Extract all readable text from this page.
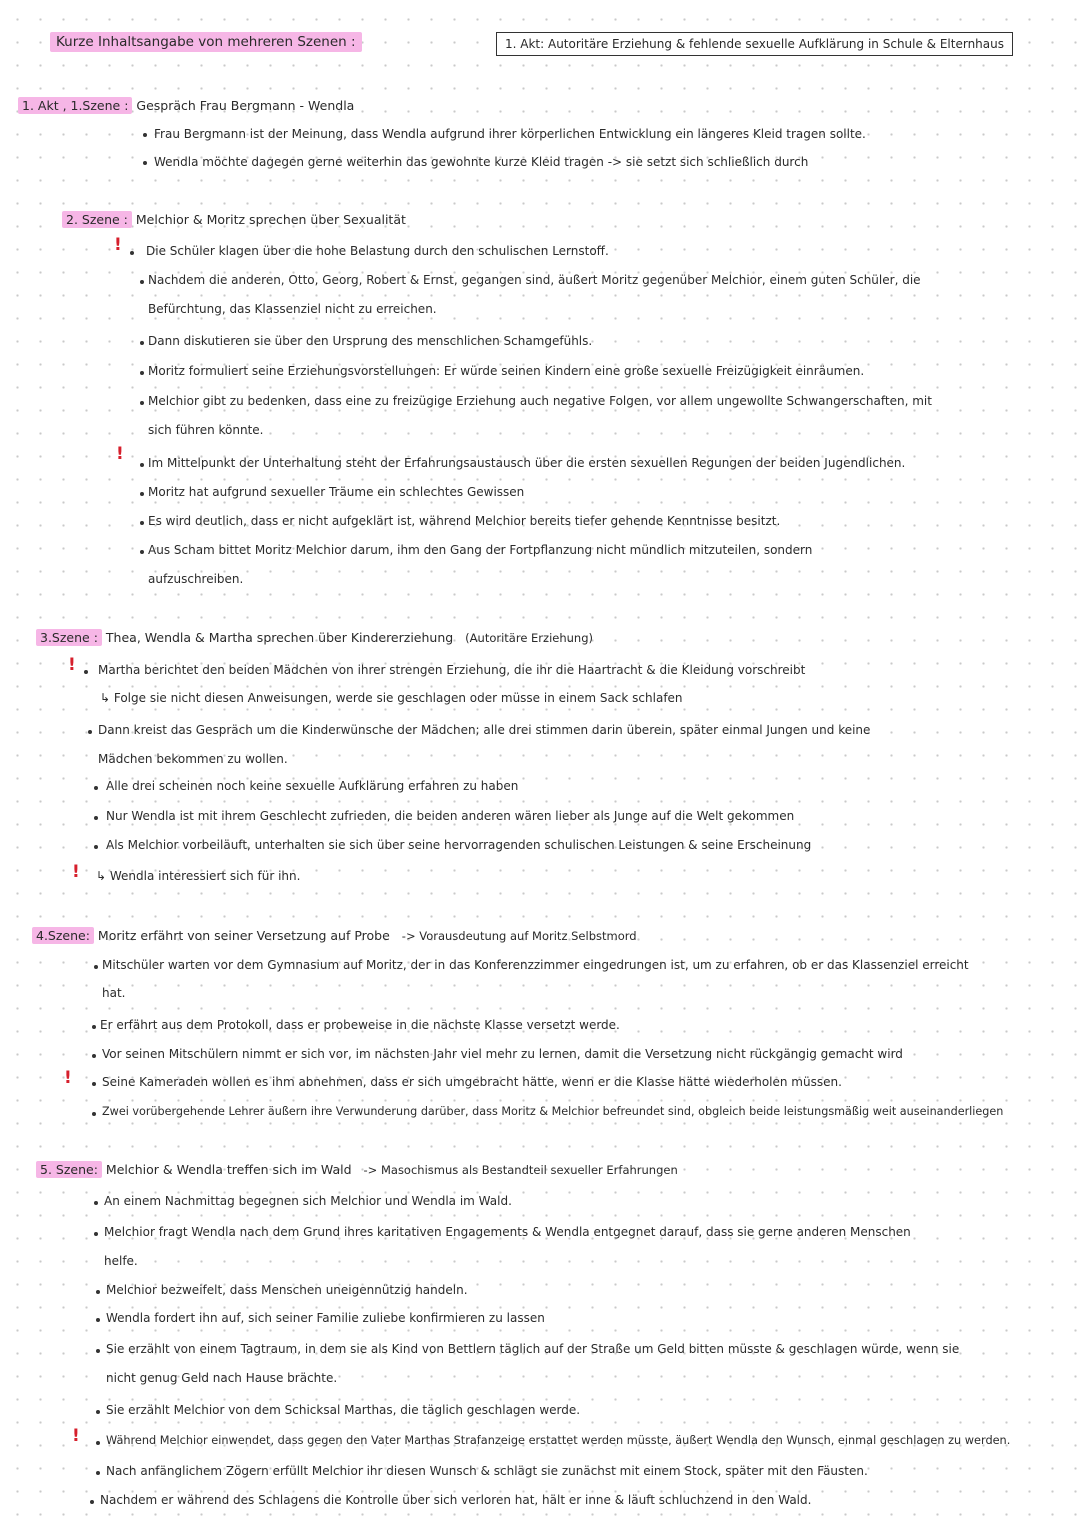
Kurze Inhaltsangabe von mehreren Szenen :	1. Akt: Autoritäre Erziehung & fehlende sexuelle Aufklärung in Schule & Elternhaus
1. Akt , 1.Szene : Gespräch Frau Bergmann - Wendla
Frau Bergmann ist der Meinung, dass Wendla aufgrund ihrer körperlichen Entwicklung ein längeres Kleid tragen sollte.
Wendla möchte dagegen gerne weiterhin das gewohnte kurze Kleid tragen -> sie setzt sich schließlich durch
2. Szene : Melchior & Moritz sprechen über Sexualität
! Die Schüler klagen über die hohe Belastung durch den schulischen Lernstoff.
Nachdem die anderen, Otto, Georg, Robert & Ernst, gegangen sind, äußert Moritz gegenüber Melchior, einem guten Schüler, die
Befürchtung, das Klassenziel nicht zu erreichen.
Dann diskutieren sie über den Ursprung des menschlichen Schamgefühls.
Moritz formuliert seine Erziehungsvorstellungen: Er würde seinen Kindern eine große sexuelle Freizügigkeit einräumen.
Melchior gibt zu bedenken, dass eine zu freizügige Erziehung auch negative Folgen, vor allem ungewollte Schwangerschaften, mit
sich führen könnte.
! Im Mittelpunkt der Unterhaltung steht der Erfahrungsaustausch über die ersten sexuellen Regungen der beiden Jugendlichen.
Moritz hat aufgrund sexueller Träume ein schlechtes Gewissen
Es wird deutlich, dass er nicht aufgeklärt ist, während Melchior bereits tiefer gehende Kenntnisse besitzt.
Aus Scham bittet Moritz Melchior darum, ihm den Gang der Fortpflanzung nicht mündlich mitzuteilen, sondern
aufzuschreiben.
3.Szene : Thea, Wendla & Martha sprechen über Kindererziehung (Autoritäre Erziehung)
! Martha berichtet den beiden Mädchen von ihrer strengen Erziehung, die ihr die Haartracht & die Kleidung vorschreibt
↳ Folge sie nicht diesen Anweisungen, werde sie geschlagen oder müsse in einem Sack schlafen
Dann kreist das Gespräch um die Kinderwünsche der Mädchen; alle drei stimmen darin überein, später einmal Jungen und keine
Mädchen bekommen zu wollen.
Alle drei scheinen noch keine sexuelle Aufklärung erfahren zu haben
Nur Wendla ist mit ihrem Geschlecht zufrieden, die beiden anderen wären lieber als Junge auf die Welt gekommen
Als Melchior vorbeiläuft, unterhalten sie sich über seine hervorragenden schulischen Leistungen & seine Erscheinung
! ↳ Wendla interessiert sich für ihn.
4.Szene: Moritz erfährt von seiner Versetzung auf Probe -> Vorausdeutung auf Moritz Selbstmord
Mitschüler warten vor dem Gymnasium auf Moritz, der in das Konferenzzimmer eingedrungen ist, um zu erfahren, ob er das Klassenziel erreicht
hat.
Er erfährt aus dem Protokoll, dass er probeweise in die nächste Klasse versetzt werde.
Vor seinen Mitschülern nimmt er sich vor, im nächsten Jahr viel mehr zu lernen, damit die Versetzung nicht rückgängig gemacht wird
!	Seine Kameraden wollen es ihm abnehmen, dass er sich umgebracht hätte, wenn er die Klasse hätte wiederholen müssen.
Zwei vorübergehende Lehrer äußern ihre Verwunderung darüber, dass Moritz & Melchior befreundet sind, obgleich beide leistungsmäßig weit auseinanderliegen
5. Szene: Melchior & Wendla treffen sich im Wald -> Masochismus als Bestandteil sexueller Erfahrungen
An einem Nachmittag begegnen sich Melchior und Wendla im Wald.
Melchior fragt Wendla nach dem Grund ihres karitativen Engagements & Wendla entgegnet darauf, dass sie gerne anderen Menschen
helfe.
Melchior bezweifelt, dass Menschen uneigennützig handeln.
Wendla fordert ihn auf, sich seiner Familie zuliebe konfirmieren zu lassen
Sie erzählt von einem Tagtraum, in dem sie als Kind von Bettlern täglich auf der Straße um Geld bitten müsste & geschlagen würde, wenn sie
nicht genug Geld nach Hause brächte.
Sie erzählt Melchior von dem Schicksal Marthas, die täglich geschlagen werde.
! Während Melchior einwendet, dass gegen den Vater Marthas Strafanzeige erstattet werden müsste, äußert Wendla den Wunsch, einmal geschlagen zu werden.
Nach anfänglichem Zögern erfüllt Melchior ihr diesen Wunsch & schlägt sie zunächst mit einem Stock, später mit den Fäusten.
Nachdem er während des Schlagens die Kontrolle über sich verloren hat, hält er inne & läuft schluchzend in den Wald.
